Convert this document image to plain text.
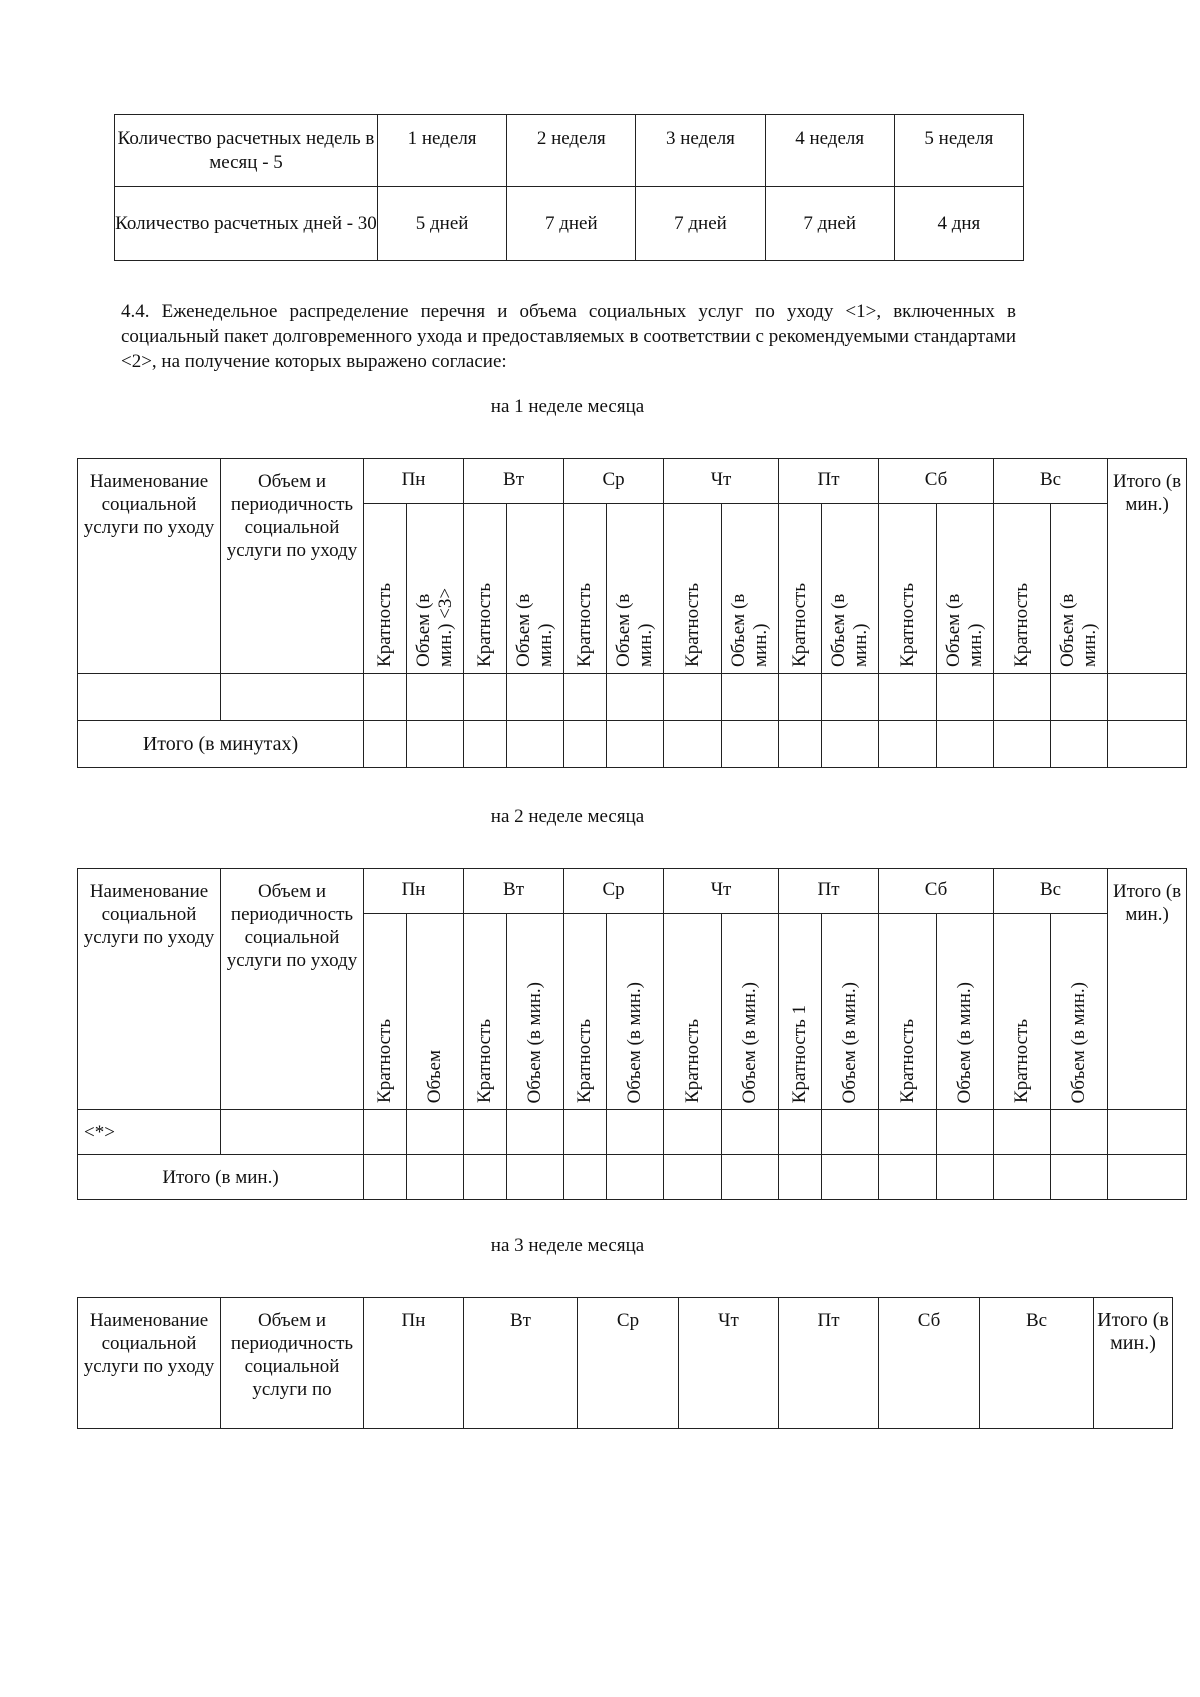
Количество расчетных недель в месяц - 5	1 неделя	2 неделя	3 неделя	4 неделя	5 неделя
Количество расчетных дней - 30	5 дней	7 дней	7 дней	7 дней	4 дня
4.4. Еженедельное распределение перечня и объема социальных услуг по уходу <1>, включенных в социальный пакет долговременного ухода и предоставляемых в соответствии с рекомендуемыми стандартами <2>, на получение которых выражено согласие:
на 1 неделе месяца
Наименование социальной услуги по уходу	Объем и периодичность социальной услуги по уходу	Пн		Вт		Ср		Чт		Пт		Сб		Вс		Итого (в мин.)
		Кратность	Объем (в мин.) <3>	Кратность	Объем (в мин.)	Кратность	Объем (в мин.)	Кратность	Объем (в мин.)	Кратность	Объем (в мин.)	Кратность	Объем (в мин.)	Кратность	Объем (в мин.)	

Итого (в минутах)																
на 2 неделе месяца
Наименование социальной услуги по уходу	Объем и периодичность социальной услуги по уходу	Пн		Вт		Ср		Чт		Пт		Сб		Вс		Итого (в мин.)
		Кратность	Объем	Кратность	Объем (в мин.)	Кратность	Объем (в мин.)	Кратность	Объем (в мин.)	Кратность 1	Объем (в мин.)	Кратность	Объем (в мин.)	Кратность	Объем (в мин.)	
<*>																
Итого (в мин.)																
на 3 неделе месяца
Наименование социальной услуги по уходу	Объем и периодичность социальной услуги по	Пн	Вт	Ср	Чт	Пт	Сб	Вс	Итого (в мин.)
